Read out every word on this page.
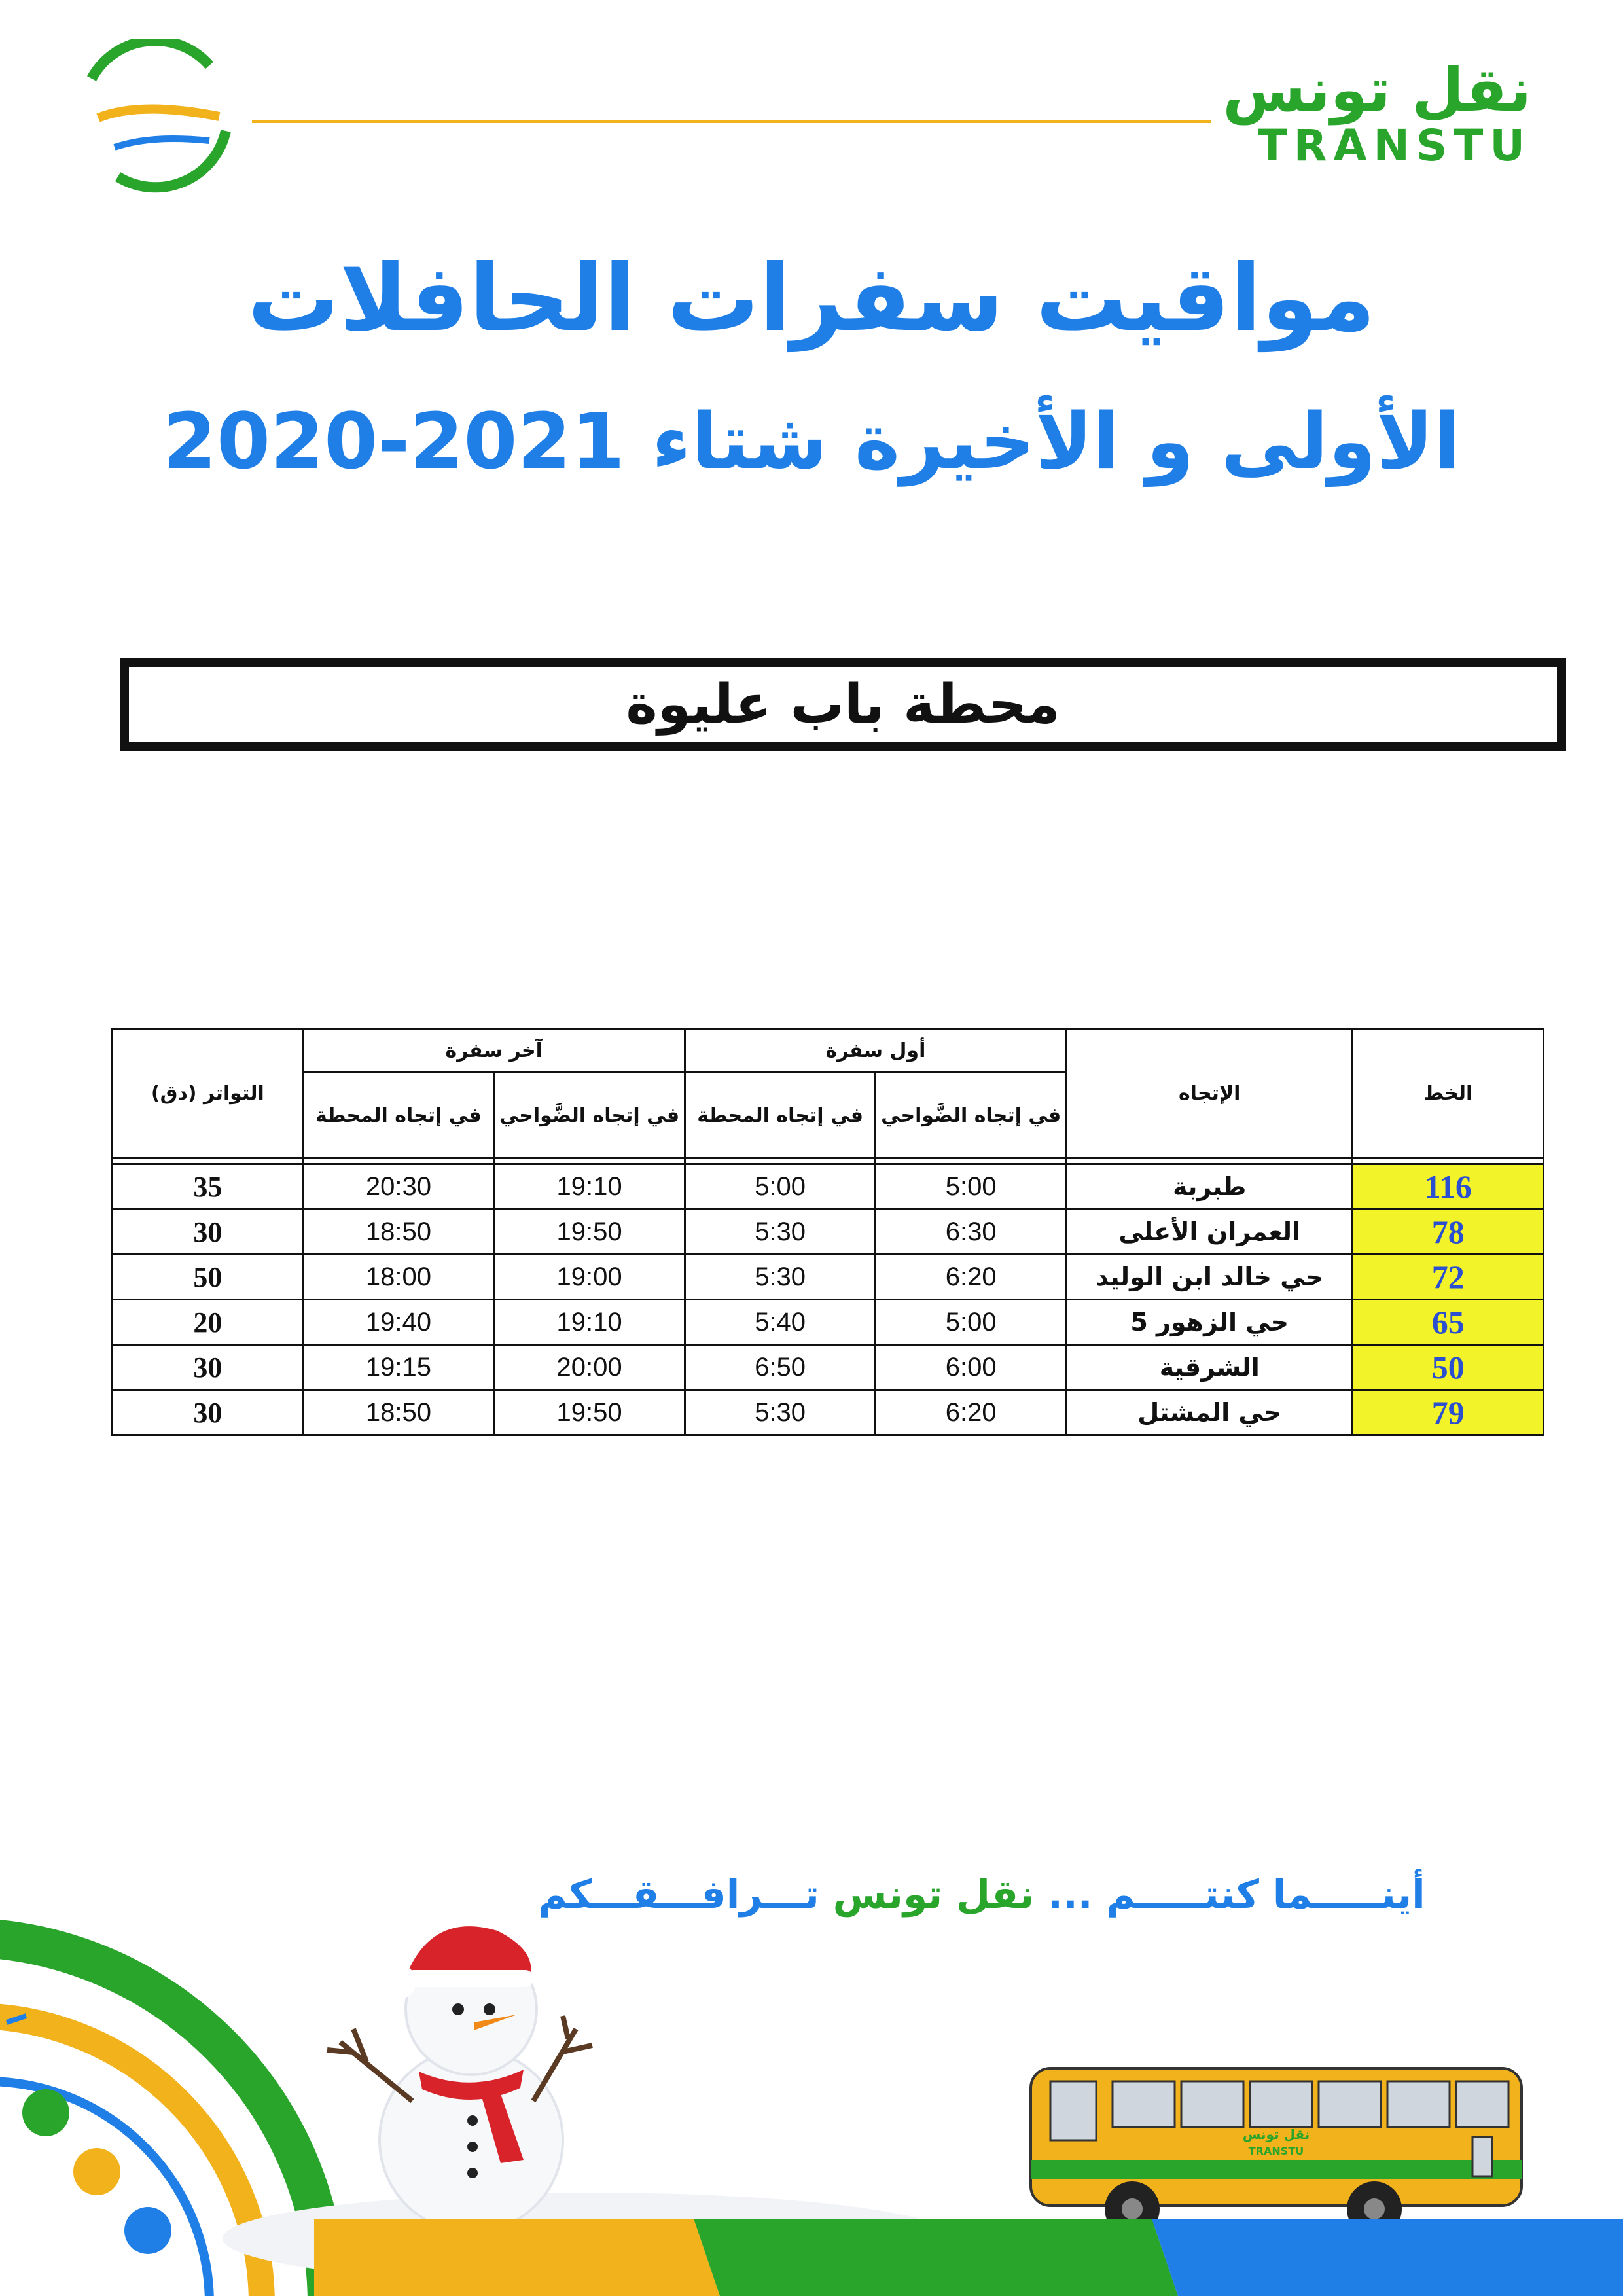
نقل تونس
TRANSTU
مواقيت سفرات الحافلات
الأولى و الأخيرة شتاء 2021-2020
محطة باب عليوة
الخط	الإتجاه	أول سفرة		آخر سفرة		التواتر (دق)
		في إتجاه الضَّواحي	في إتجاه المحطة	في إتجاه الضَّواحي	في إتجاه المحطة	

116	طبربة	5:00	5:00	19:10	20:30	35
78	العمران الأعلى	6:30	5:30	19:50	18:50	30
72	حي خالد ابن الوليد	6:20	5:30	19:00	18:00	50
65	حي الزهور 5	5:00	5:40	19:10	19:40	20
50	الشرقية	6:00	6:50	20:00	19:15	30
79	حي المشتل	6:20	5:30	19:50	18:50	30
أينـــــما كنتـــــم ... نقل تونس تـــرافـــقـــكم
نقل تونس
TRANSTU
